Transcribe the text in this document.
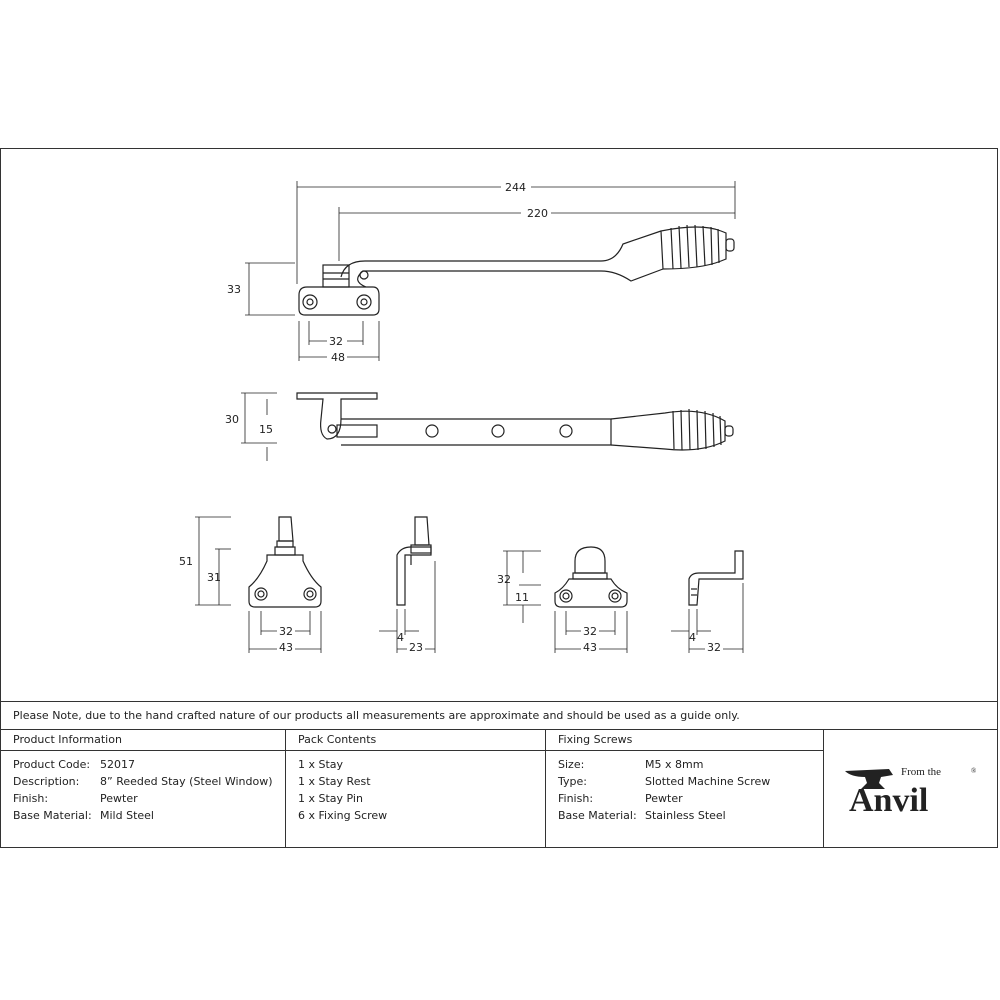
244
220
33
32
48
30
15
51
31
32
43
4
23
32
11
32
43
4
32
Please Note, due to the hand crafted nature of our products all measurements are approximate and should be used as a guide only.
Product Information
Product Code: 52017
Description: 8” Reeded Stay (Steel Window)
Finish:	Pewter
Base Material: Mild Steel
Pack Contents
1 x Stay
1 x Stay Rest
1 x Stay Pin
6 x Fixing Screw
Fixing Screws
Size:	M5 x 8mm
Type:	Slotted Machine Screw
Finish:	Pewter
Base Material: Stainless Steel
From the
Anvil
®
